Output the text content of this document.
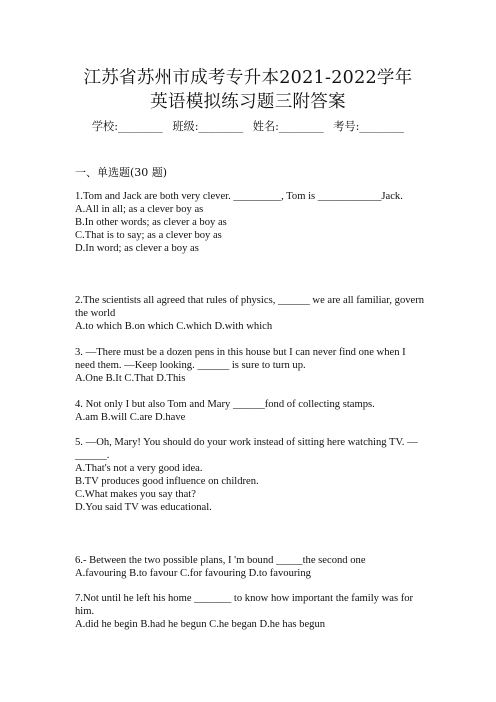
江苏省苏州市成考专升本2021-2022学年
英语模拟练习题三附答案
学校:________ 班级:________ 姓名:________ 考号:________
一、单选题(30 题)
1.Tom and Jack are both very clever. _________, Tom is ____________Jack.
A.All in all; as a clever boy as
B.In other words; as clever a boy as
C.That is to say; as a clever boy as
D.In word; as clever a boy as
2.The scientists all agreed that rules of physics, ______ we are all familiar, govern the world
A.to which B.on which C.which D.with which
3. —There must be a dozen pens in this house but I can never find one when I need them. —Keep looking. ______ is sure to turn up.
A.One B.It C.That D.This
4. Not only I but also Tom and Mary ______fond of collecting stamps.
A.am B.will C.are D.have
5. —Oh, Mary! You should do your work instead of sitting here watching TV. —______.
A.That's not a very good idea.
B.TV produces good influence on children.
C.What makes you say that?
D.You said TV was educational.
6.- Between the two possible plans, I 'm bound _____the second one
A.favouring B.to favour C.for favouring D.to favouring
7.Not until he left his home _______ to know how important the family was for him.
A.did he begin B.had he begun C.he began D.he has begun
